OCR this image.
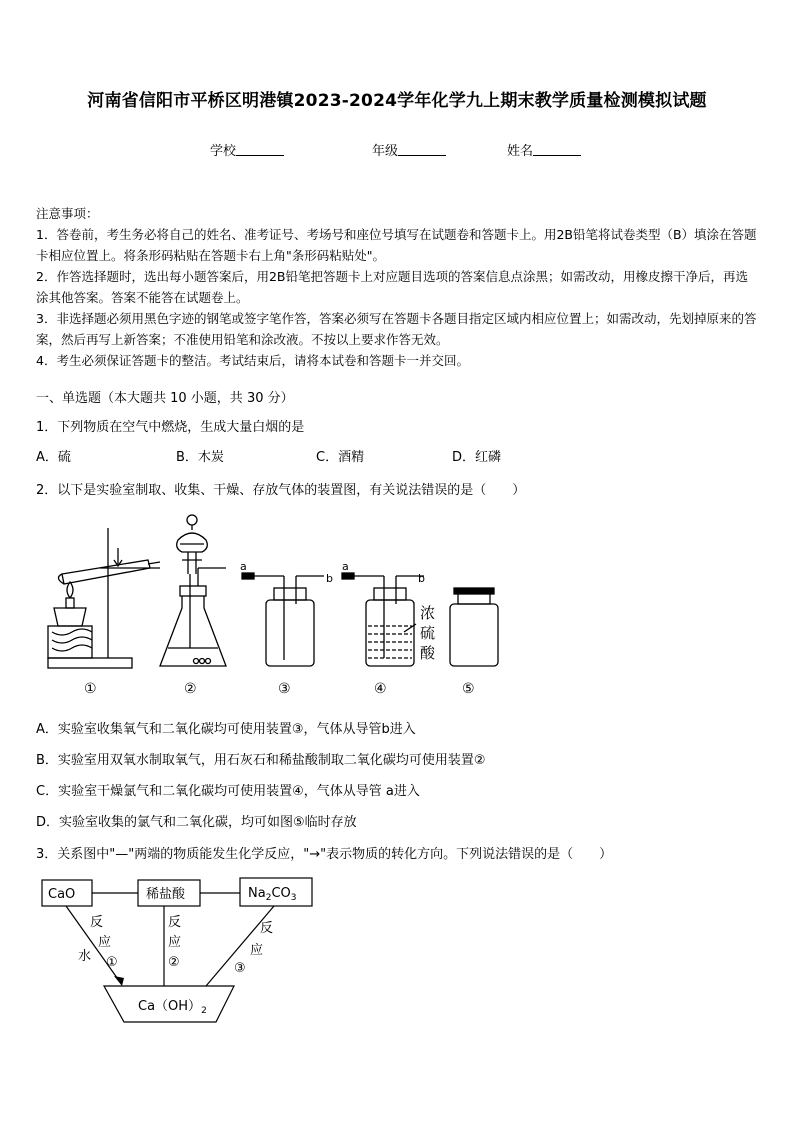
河南省信阳市平桥区明港镇2023-2024学年化学九上期末教学质量检测模拟试题
学校	年级	姓名

注意事项：

1．答卷前，考生务必将自己的姓名、准考证号、考场号和座位号填写在试题卷和答题卡上。用2B铅笔将试卷类型（B）填涂在答题卡相应位置上。将条形码粘贴在答题卡右上角"条形码粘贴处"。

2．作答选择题时，选出每小题答案后，用2B铅笔把答题卡上对应题目选项的答案信息点涂黑；如需改动，用橡皮擦干净后，再选涂其他答案。答案不能答在试题卷上。

3．非选择题必须用黑色字迹的钢笔或签字笔作答，答案必须写在答题卡各题目指定区域内相应位置上；如需改动，先划掉原来的答案，然后再写上新答案；不准使用铅笔和涂改液。不按以上要求作答无效。

4．考生必须保证答题卡的整洁。考试结束后，请将本试卷和答题卡一并交回。

一、单选题（本大题共 10 小题，共 30 分）
1．下列物质在空气中燃烧，生成大量白烟的是
A．硫	B．木炭	C．酒精	D．红磷
2．以下是实验室制取、收集、干燥、存放气体的装置图，有关说法错误的是（　　）
a
b
a
b
浓
硫
酸
①	②	③	④	⑤
A．实验室收集氧气和二氧化碳均可使用装置③，气体从导管b进入
B．实验室用双氧水制取氧气，用石灰石和稀盐酸制取二氧化碳均可使用装置②
C．实验室干燥氯气和二氧化碳均可使用装置④，气体从导管 a进入
D．实验室收集的氯气和二氧化碳，均可如图⑤临时存放
3．关系图中"—"两端的物质能发生化学反应，"→"表示物质的转化方向。下列说法错误的是（　　）
CaO	稀盐酸	$Na_2CO_3$
$Ca(OH)_2$
反
应
①
水
反
应
②
反
应
③
